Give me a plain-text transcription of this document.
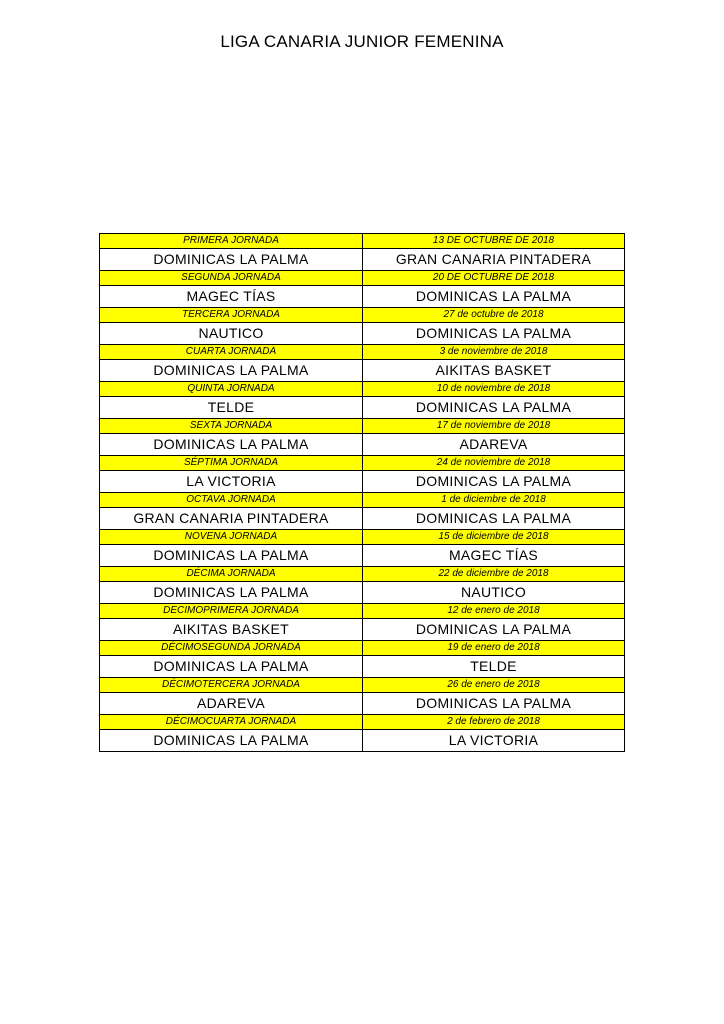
LIGA CANARIA JUNIOR FEMENINA
PRIMERA JORNADA	13 DE OCTUBRE DE 2018
DOMINICAS LA PALMA	GRAN CANARIA PINTADERA
SEGUNDA JORNADA	20 DE OCTUBRE DE 2018
MAGEC TÍAS	DOMINICAS LA PALMA
TERCERA JORNADA	27 de octubre de 2018
NAUTICO	DOMINICAS LA PALMA
CUARTA JORNADA	3 de noviembre de 2018
DOMINICAS LA PALMA	AIKITAS BASKET
QUINTA JORNADA	10 de noviembre de 2018
TELDE	DOMINICAS LA PALMA
SEXTA JORNADA	17 de noviembre de 2018
DOMINICAS LA PALMA	ADAREVA
SÉPTIMA JORNADA	24 de noviembre de 2018
LA VICTORIA	DOMINICAS LA PALMA
OCTAVA JORNADA	1 de diciembre de 2018
GRAN CANARIA PINTADERA	DOMINICAS LA PALMA
NOVENA JORNADA	15 de diciembre de 2018
DOMINICAS LA PALMA	MAGEC TÍAS
DÉCIMA JORNADA	22 de diciembre de 2018
DOMINICAS LA PALMA	NAUTICO
DECIMOPRIMERA JORNADA	12 de enero de 2018
AIKITAS BASKET	DOMINICAS LA PALMA
DÉCIMOSEGUNDA JORNADA	19 de enero de 2018
DOMINICAS LA PALMA	TELDE
DÉCIMOTERCERA JORNADA	26 de enero de 2018
ADAREVA	DOMINICAS LA PALMA
DÉCIMOCUARTA JORNADA	2 de febrero de 2018
DOMINICAS LA PALMA	LA VICTORIA
